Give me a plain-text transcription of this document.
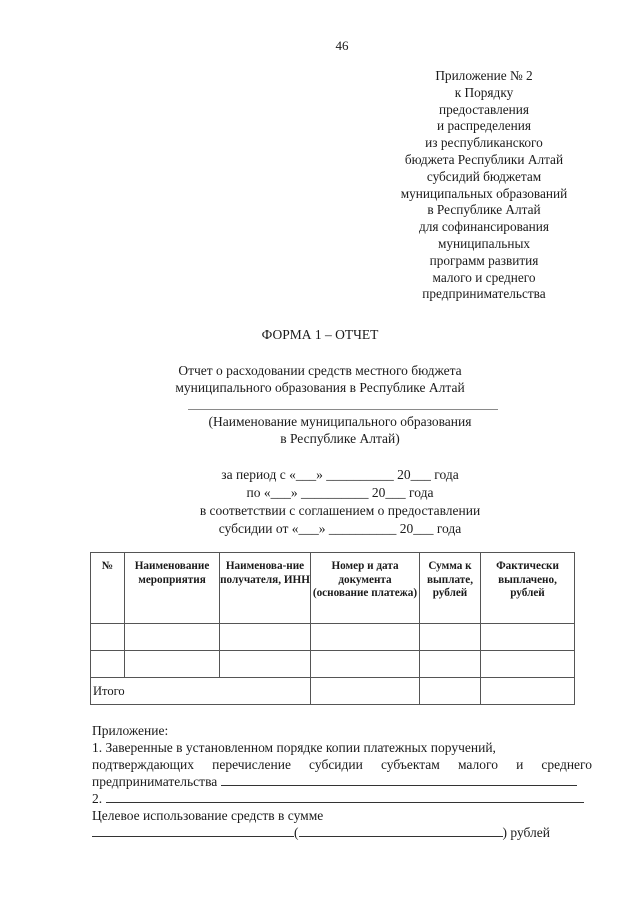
46
Приложение № 2
к Порядку
предоставления
и распределения
из республиканского
бюджета Республики Алтай
субсидий бюджетам
муниципальных образований
в Республике Алтай
для софинансирования
муниципальных
программ развития
малого и среднего
предпринимательства
ФОРМА 1 – ОТЧЕТ
Отчет о расходовании средств местного бюджета
муниципального образования в Республике Алтай
(Наименование муниципального образования
в Республике Алтай)
за период с «___» __________ 20___ года
по «___» __________ 20___ года
в соответствии с соглашением о предоставлении
субсидии от «___» __________ 20___ года
№	Наименование мероприятия	Наименова-ние получателя, ИНН	Номер и дата документа (основание платежа)	Сумма к выплате, рублей	Фактически выплачено, рублей

Итого					
Приложение:
1. Заверенные в установленном порядке копии платежных поручений,
подтверждающих перечисление субсидии субъектам малого и среднего
предпринимательства
2.
Целевое использование средств в сумме
(	) рублей
